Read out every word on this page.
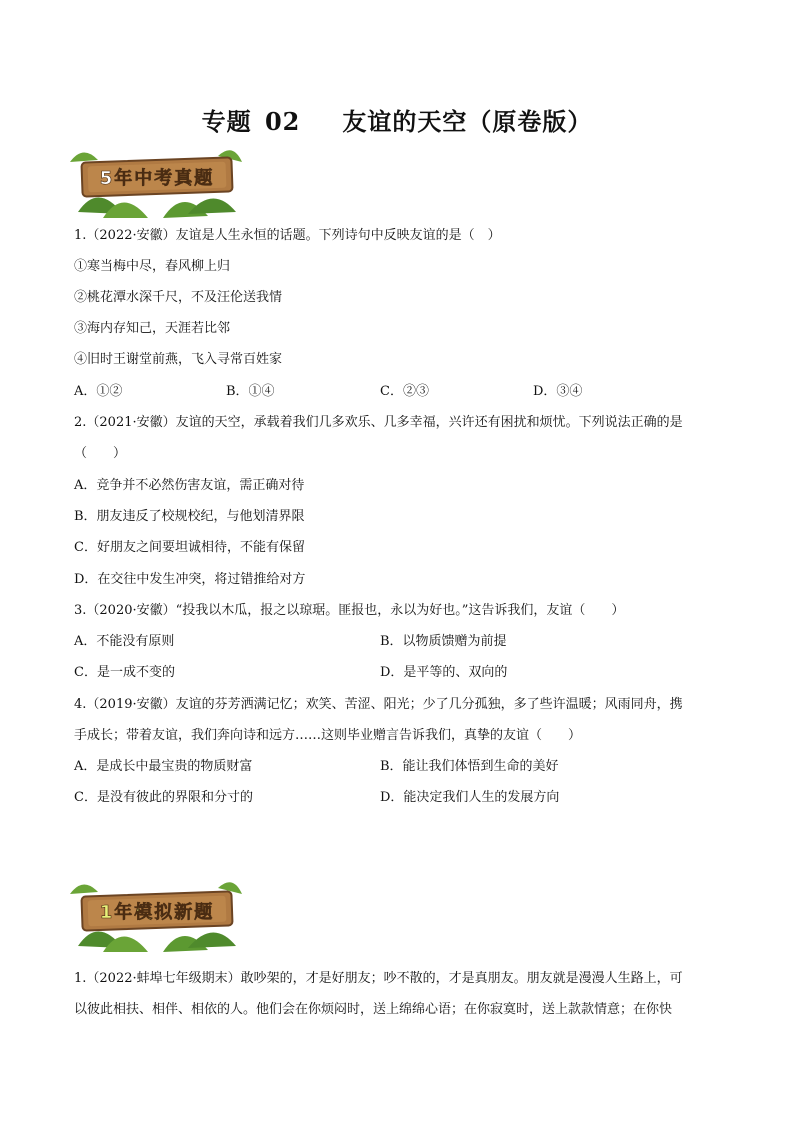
专题 02 友谊的天空（原卷版）
5年中考真题
1.（2022·安徽）友谊是人生永恒的话题。下列诗句中反映友谊的是（　）
①寒当梅中尽，春风柳上归
②桃花潭水深千尺，不及汪伦送我情
③海内存知己，天涯若比邻
④旧时王谢堂前燕，飞入寻常百姓家
A．①②	B．①④	C．②③	D．③④
2.（2021·安徽）友谊的天空，承载着我们几多欢乐、几多幸福，兴许还有困扰和烦忧。下列说法正确的是
（　　）
A．竞争并不必然伤害友谊，需正确对待
B．朋友违反了校规校纪，与他划清界限
C．好朋友之间要坦诚相待，不能有保留
D．在交往中发生冲突，将过错推给对方
3.（2020·安徽）“投我以木瓜，报之以琼琚。匪报也，永以为好也。”这告诉我们，友谊（　　）
A．不能没有原则	B．以物质馈赠为前提
C．是一成不变的	D．是平等的、双向的
4.（2019·安徽）友谊的芬芳洒满记忆；欢笑、苦涩、阳光；少了几分孤独，多了些许温暖；风雨同舟，携
手成长；带着友谊，我们奔向诗和远方……这则毕业赠言告诉我们，真挚的友谊（　　）
A．是成长中最宝贵的物质财富	B．能让我们体悟到生命的美好
C．是没有彼此的界限和分寸的	D．能决定我们人生的发展方向
1年模拟新题
1.（2022·蚌埠七年级期末）敢吵架的，才是好朋友；吵不散的，才是真朋友。朋友就是漫漫人生路上，可
以彼此相扶、相伴、相依的人。他们会在你烦闷时，送上绵绵心语；在你寂寞时，送上款款情意；在你快
